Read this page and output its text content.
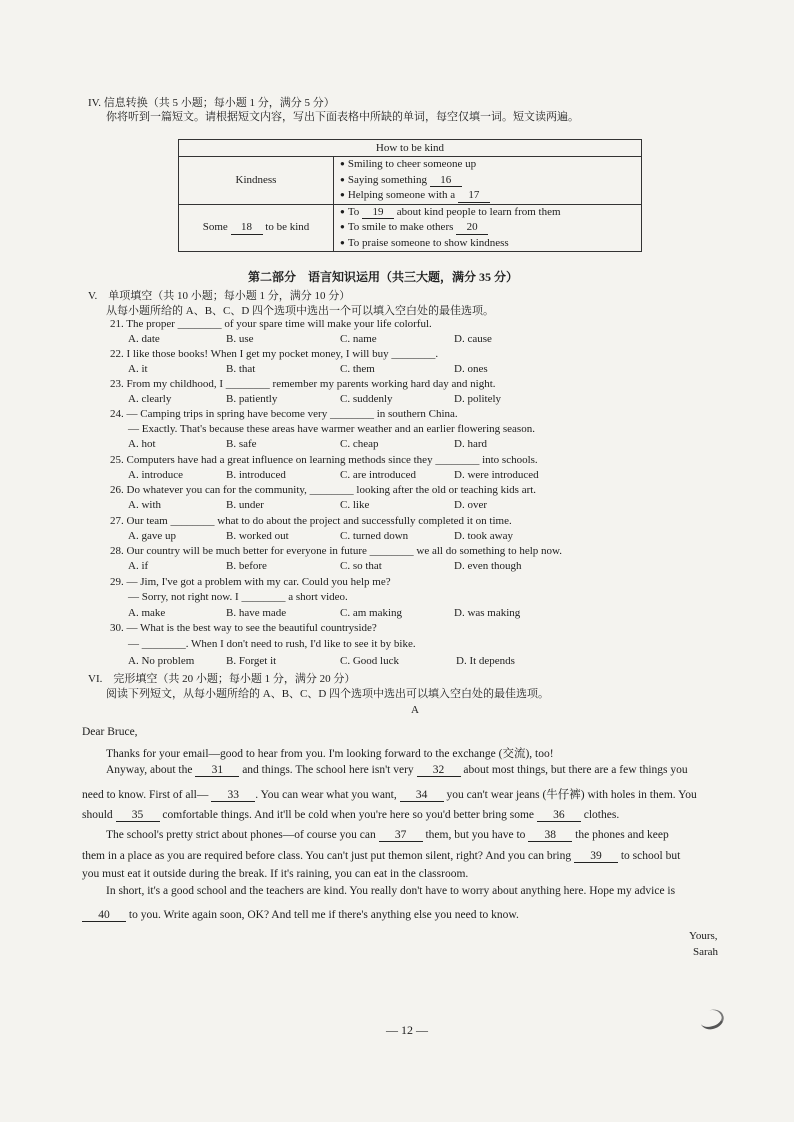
IV. 信息转换（共 5 小题；每小题 1 分，满分 5 分）
你将听到一篇短文。请根据短文内容，写出下面表格中所缺的单词，每空仅填一词。短文读两遍。
How to be kind	
Kindness	● Smiling to cheer someone up
● Saying something 16
● Helping someone with a 17

Some 18 to be kind	● To 19 about kind people to learn from them
● To smile to make others 20
● To praise someone to show kindness
第二部分　语言知识运用（共三大题，满分 35 分）
V.　单项填空（共 10 小题；每小题 1 分，满分 10 分）
从每小题所给的 A、B、C、D 四个选项中选出一个可以填入空白处的最佳选项。
21. The proper ________ of your spare time will make your life colorful.
A. date	B. use	C. name	D. cause
22. I like those books! When I get my pocket money, I will buy ________.
A. it	B. that	C. them	D. ones
23. From my childhood, I ________ remember my parents working hard day and night.
A. clearly	B. patiently	C. suddenly	D. politely
24. — Camping trips in spring have become very ________ in southern China.
— Exactly. That's because these areas have warmer weather and an earlier flowering season.
A. hot	B. safe	C. cheap	D. hard
25. Computers have had a great influence on learning methods since they ________ into schools.
A. introduce	B. introduced	C. are introduced	D. were introduced
26. Do whatever you can for the community, ________ looking after the old or teaching kids art.
A. with	B. under	C. like	D. over
27. Our team ________ what to do about the project and successfully completed it on time.
A. gave up	B. worked out	C. turned down	D. took away
28. Our country will be much better for everyone in future ________ we all do something to help now.
A. if	B. before	C. so that	D. even though
29. — Jim, I've got a problem with my car. Could you help me?
— Sorry, not right now. I ________ a short video.
A. make	B. have made	C. am making	D. was making
30. — What is the best way to see the beautiful countryside?
— ________. When I don't need to rush, I'd like to see it by bike.
A. No problem	B. Forget it	C. Good luck	D. It depends
VI.　完形填空（共 20 小题；每小题 1 分，满分 20 分）
阅读下列短文，从每小题所给的 A、B、C、D 四个选项中选出可以填入空白处的最佳选项。
A
Dear Bruce,
Thanks for your email—good to hear from you. I'm looking forward to the exchange (交流), too!
Anyway, about the 31 and things. The school here isn't very 32 about most things, but there are a few things you
need to know. First of all— 33 . You can wear what you want, 34 you can't wear jeans (牛仔裤) with holes in them. You
should 35 comfortable things. And it'll be cold when you're here so you'd better bring some 36 clothes.
The school's pretty strict about phones—of course you can 37 them, but you have to 38 the phones and keep
them in a place as you are required before class. You can't just put themon silent, right? And you can bring 39 to school but
you must eat it outside during the break. If it's raining, you can eat in the classroom.
In short, it's a good school and the teachers are kind. You really don't have to worry about anything here. Hope my advice is
40 to you. Write again soon, OK? And tell me if there's anything else you need to know.
Yours,
Sarah
— 12 —
